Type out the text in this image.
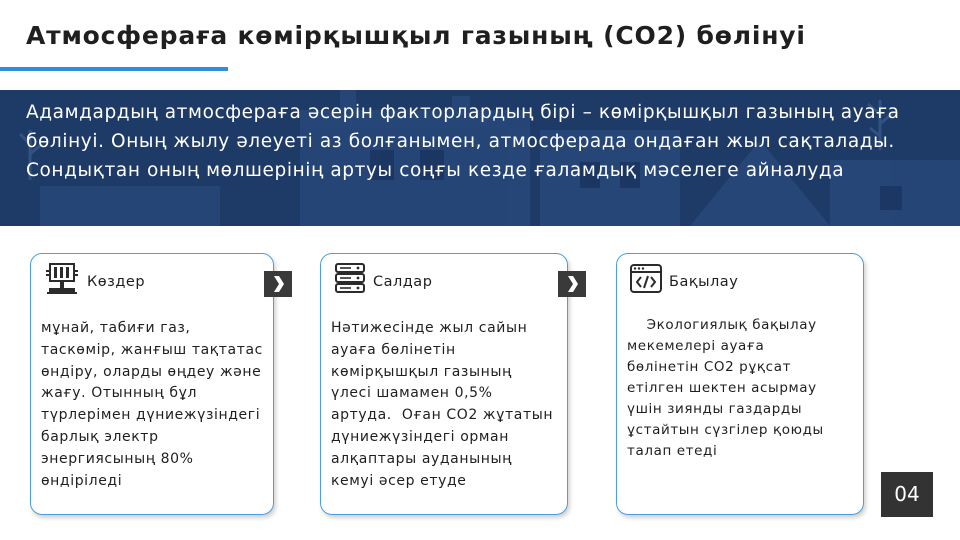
Атмосфераға көмірқышқыл газының (СО2) бөлінуі

Адамдардың атмосфераға әсерін факторлардың бірі – көмірқышқыл газының ауаға бөлінуі. Оның жылу әлеуеті аз болғанымен, атмосферада ондаған жыл сақталады. Сондықтан оның мөлшерінің артуы соңғы кезде ғаламдық мәселеге айналуда

Көздер

мұнай, табиғи газ, таскөмір, жанғыш тақтатас өндіру, оларды өңдеу және жағу. Отынның бұл түрлерімен дүниежүзіндегі барлық электр энергиясының 80% өндіріледі

Салдар

Нәтижесінде жыл сайын ауаға бөлінетін көмірқышқыл газының үлесі шамамен 0,5% артуда.  Оған СО2 жұтатын дүниежүзіндегі орман алқаптары ауданының кемуі әсер етуде

Бақылау

Экологиялық бақылау мекемелері ауаға бөлінетін СО2 рұқсат етілген шектен асырмау үшін зиянды газдарды ұстайтын сүзгілер қоюды талап етеді

04
